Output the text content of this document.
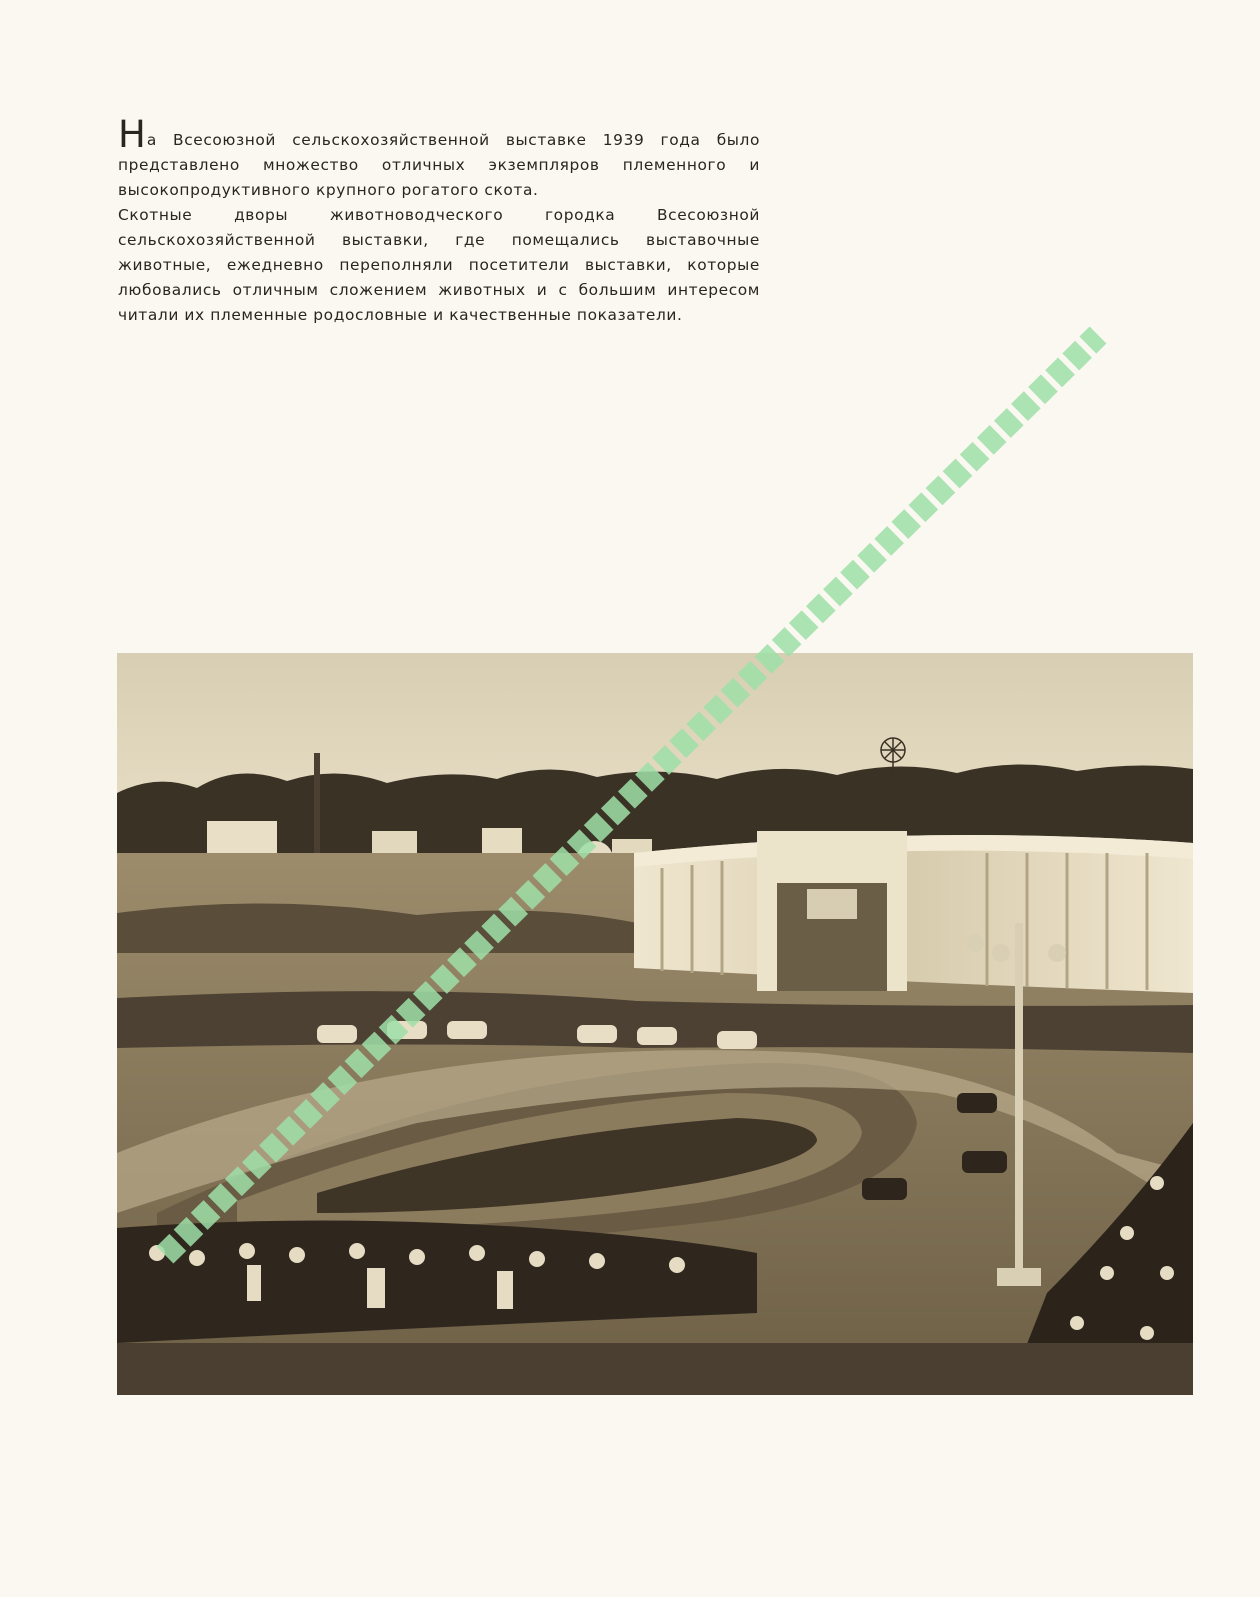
На Всесоюзной сельскохозяйственной выставке 1939 года было представлено множество отличных экземпляров племенного и высокопродуктивного крупного рогатого скота.

Скотные дворы животноводческого городка Всесоюзной сельскохозяйственной выставки, где помещались выставочные животные, ежедневно переполняли посетители выставки, которые любовались отличным сложением животных и с большим интересом читали их племенные родословные и качественные показатели.
